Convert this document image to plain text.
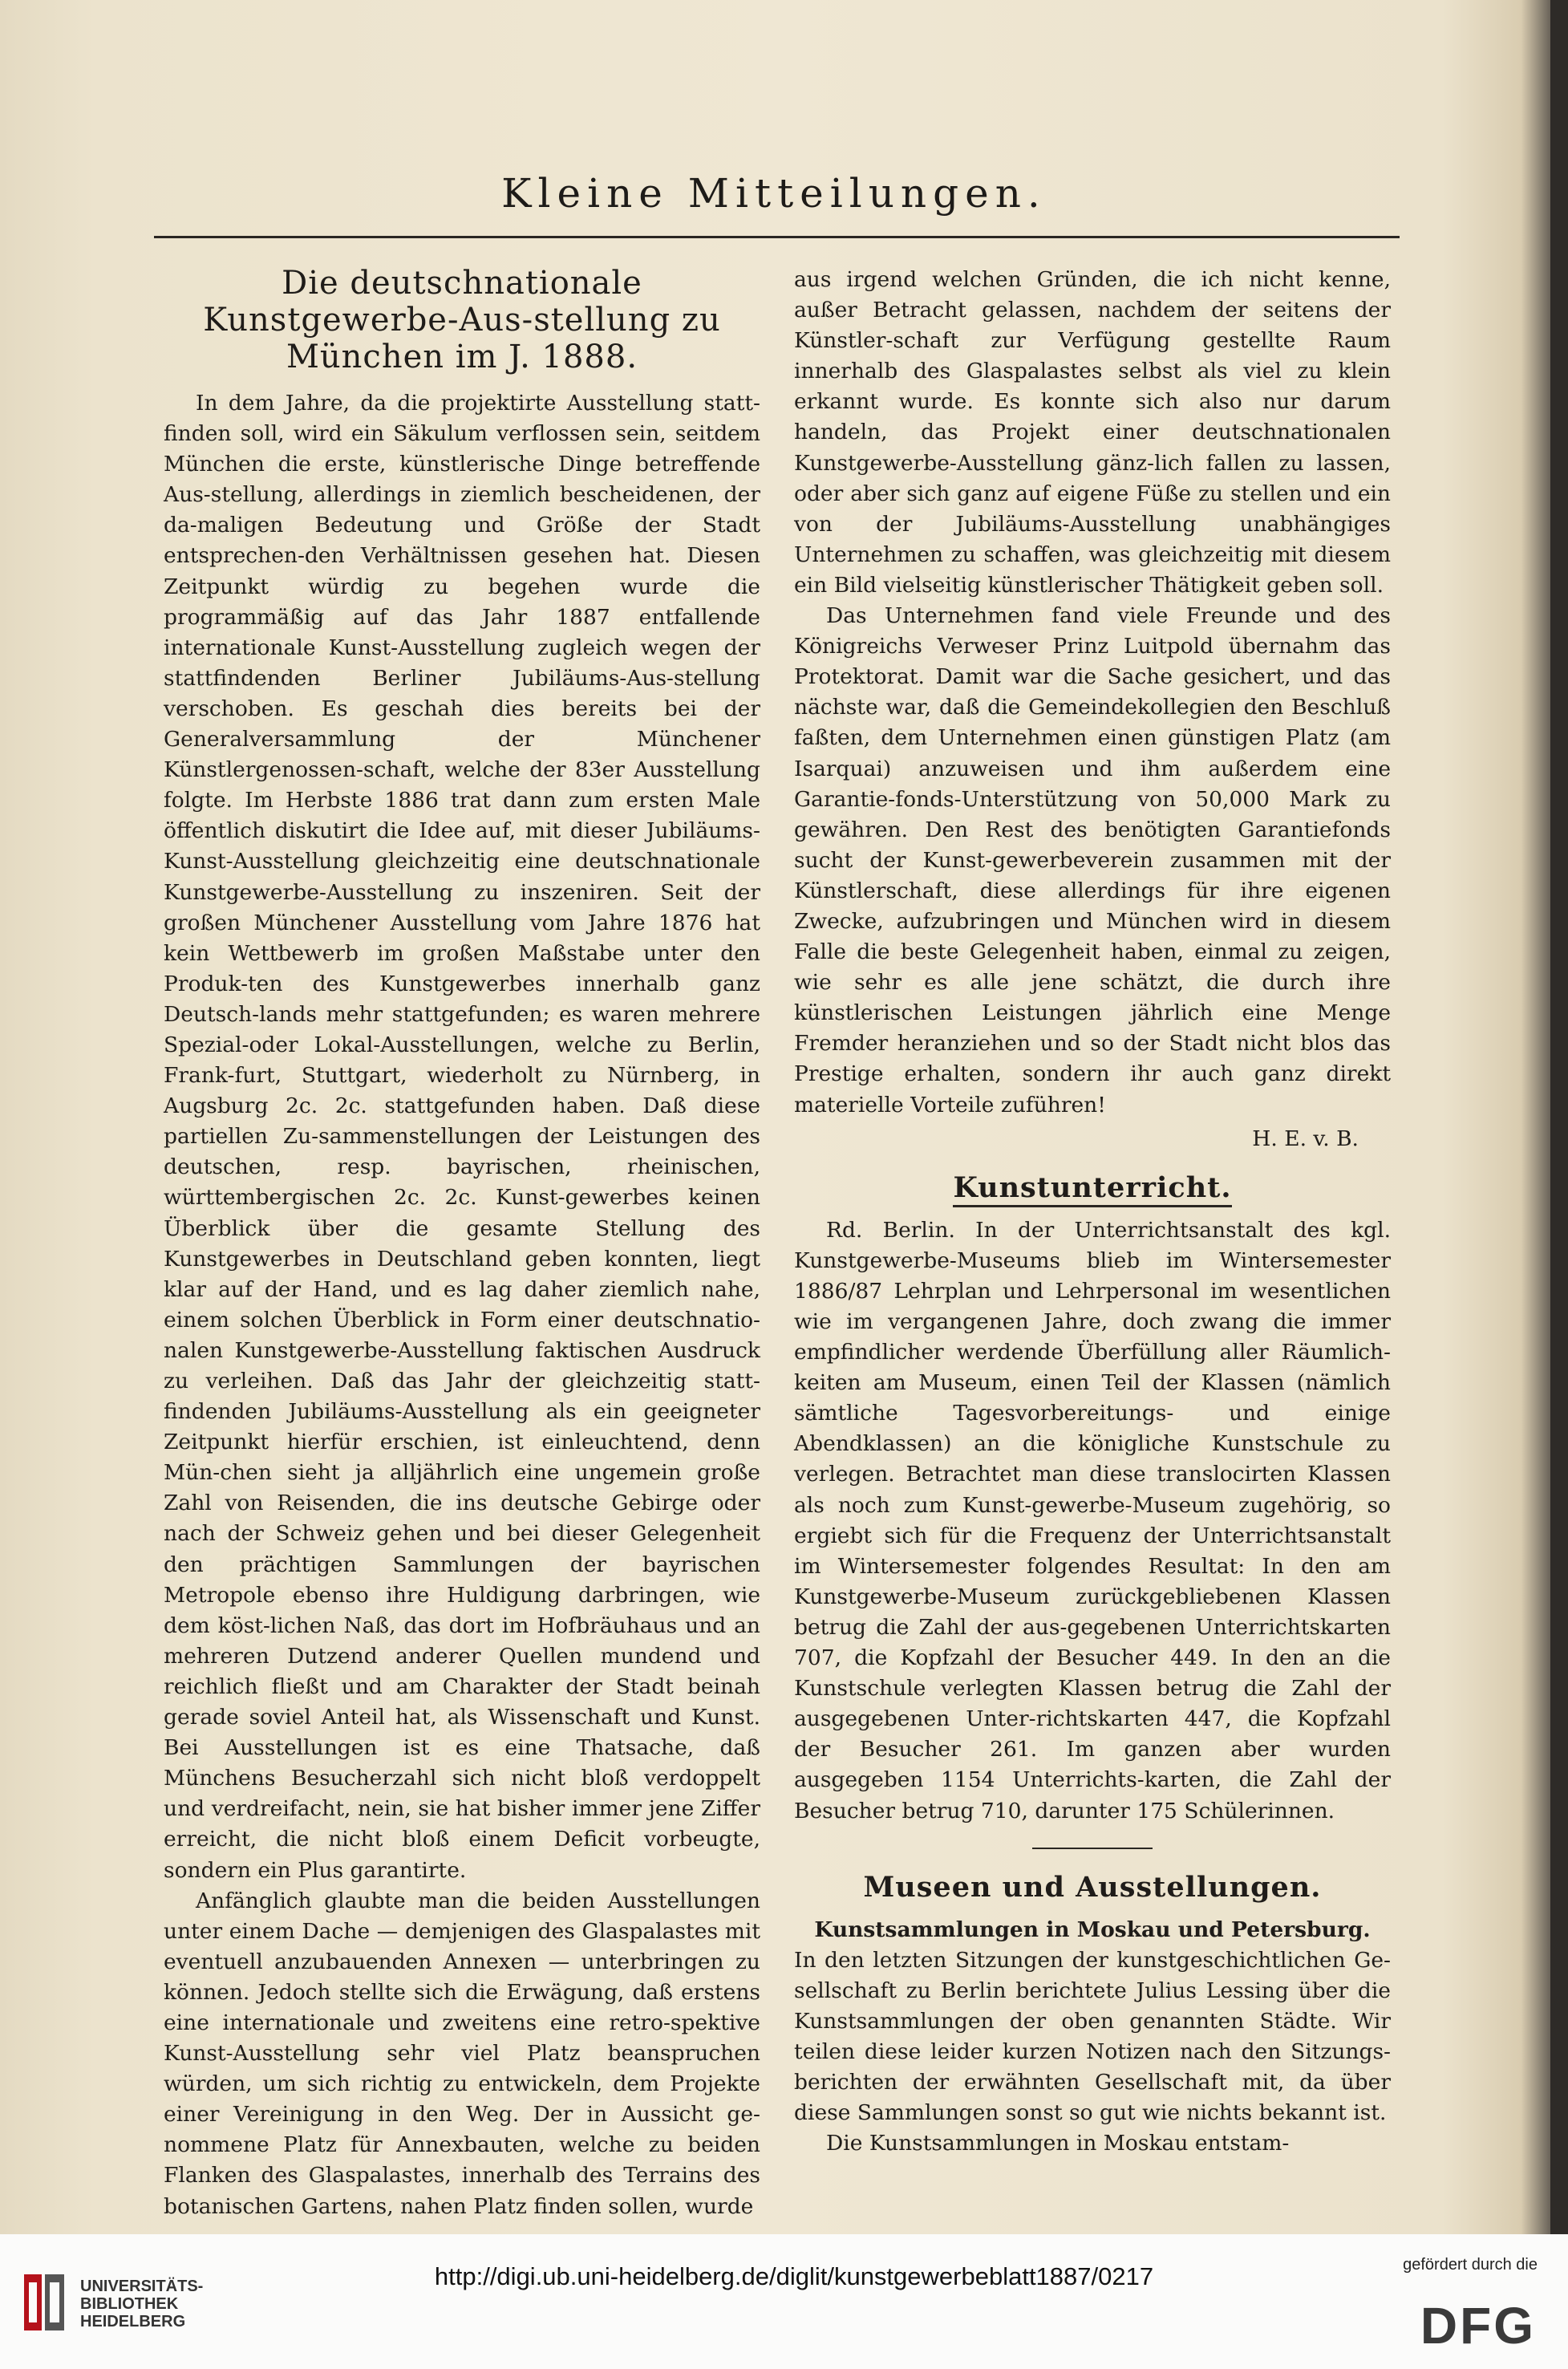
Kleine Mitteilungen.
Die deutschnationale Kunstgewerbe-Aus-stellung zu München im J. 1888.

In dem Jahre, da die projektirte Ausstellung statt-finden soll, wird ein Säkulum verflossen sein, seitdem München die erste, künstlerische Dinge betreffende Aus-stellung, allerdings in ziemlich bescheidenen, der da-maligen Bedeutung und Größe der Stadt entsprechen-den Verhältnissen gesehen hat. Diesen Zeitpunkt würdig zu begehen wurde die programmäßig auf das Jahr 1887 entfallende internationale Kunst-Ausstellung zugleich wegen der stattfindenden Berliner Jubiläums-Aus-stellung verschoben. Es geschah dies bereits bei der Generalversammlung der Münchener Künstlergenossen-schaft, welche der 83er Ausstellung folgte. Im Herbste 1886 trat dann zum ersten Male öffentlich diskutirt die Idee auf, mit dieser Jubiläums-Kunst-Ausstellung gleichzeitig eine deutschnationale Kunstgewerbe-Ausstellung zu inszeniren. Seit der großen Münchener Ausstellung vom Jahre 1876 hat kein Wettbewerb im großen Maßstabe unter den Produk-ten des Kunstgewerbes innerhalb ganz Deutsch-lands mehr stattgefunden; es waren mehrere Spezial-oder Lokal-Ausstellungen, welche zu Berlin, Frank-furt, Stuttgart, wiederholt zu Nürnberg, in Augsburg 2c. 2c. stattgefunden haben. Daß diese partiellen Zu-sammenstellungen der Leistungen des deutschen, resp. bayrischen, rheinischen, württembergischen 2c. 2c. Kunst-gewerbes keinen Überblick über die gesamte Stellung des Kunstgewerbes in Deutschland geben konnten, liegt klar auf der Hand, und es lag daher ziemlich nahe, einem solchen Überblick in Form einer deutschnatio-nalen Kunstgewerbe-Ausstellung faktischen Ausdruck zu verleihen. Daß das Jahr der gleichzeitig statt-findenden Jubiläums-Ausstellung als ein geeigneter Zeitpunkt hierfür erschien, ist einleuchtend, denn Mün-chen sieht ja alljährlich eine ungemein große Zahl von Reisenden, die ins deutsche Gebirge oder nach der Schweiz gehen und bei dieser Gelegenheit den prächtigen Sammlungen der bayrischen Metropole ebenso ihre Huldigung darbringen, wie dem köst-lichen Naß, das dort im Hofbräuhaus und an mehreren Dutzend anderer Quellen mundend und reichlich fließt und am Charakter der Stadt beinah gerade soviel Anteil hat, als Wissenschaft und Kunst. Bei Ausstellungen ist es eine Thatsache, daß Münchens Besucherzahl sich nicht bloß verdoppelt und verdreifacht, nein, sie hat bisher immer jene Ziffer erreicht, die nicht bloß einem Deficit vorbeugte, sondern ein Plus garantirte.

Anfänglich glaubte man die beiden Ausstellungen unter einem Dache — demjenigen des Glaspalastes mit eventuell anzubauenden Annexen — unterbringen zu können. Jedoch stellte sich die Erwägung, daß erstens eine internationale und zweitens eine retro-spektive Kunst-Ausstellung sehr viel Platz beanspruchen würden, um sich richtig zu entwickeln, dem Projekte einer Vereinigung in den Weg. Der in Aussicht ge-nommene Platz für Annexbauten, welche zu beiden Flanken des Glaspalastes, innerhalb des Terrains des botanischen Gartens, nahen Platz finden sollen, wurde

aus irgend welchen Gründen, die ich nicht kenne, außer Betracht gelassen, nachdem der seitens der Künstler-schaft zur Verfügung gestellte Raum innerhalb des Glaspalastes selbst als viel zu klein erkannt wurde. Es konnte sich also nur darum handeln, das Projekt einer deutschnationalen Kunstgewerbe-Ausstellung gänz-lich fallen zu lassen, oder aber sich ganz auf eigene Füße zu stellen und ein von der Jubiläums-Ausstellung unabhängiges Unternehmen zu schaffen, was gleichzeitig mit diesem ein Bild vielseitig künstlerischer Thätigkeit geben soll.

Das Unternehmen fand viele Freunde und des Königreichs Verweser Prinz Luitpold übernahm das Protektorat. Damit war die Sache gesichert, und das nächste war, daß die Gemeindekollegien den Beschluß faßten, dem Unternehmen einen günstigen Platz (am Isarquai) anzuweisen und ihm außerdem eine Garantie-fonds-Unterstützung von 50,000 Mark zu gewähren. Den Rest des benötigten Garantiefonds sucht der Kunst-gewerbeverein zusammen mit der Künstlerschaft, diese allerdings für ihre eigenen Zwecke, aufzubringen und München wird in diesem Falle die beste Gelegenheit haben, einmal zu zeigen, wie sehr es alle jene schätzt, die durch ihre künstlerischen Leistungen jährlich eine Menge Fremder heranziehen und so der Stadt nicht blos das Prestige erhalten, sondern ihr auch ganz direkt materielle Vorteile zuführen!

H. E. v. B.
Kunstunterricht.

Rd. Berlin. In der Unterrichtsanstalt des kgl. Kunstgewerbe-Museums blieb im Wintersemester 1886/87 Lehrplan und Lehrpersonal im wesentlichen wie im vergangenen Jahre, doch zwang die immer empfindlicher werdende Überfüllung aller Räumlich-keiten am Museum, einen Teil der Klassen (nämlich sämtliche Tagesvorbereitungs- und einige Abendklassen) an die königliche Kunstschule zu verlegen. Betrachtet man diese translocirten Klassen als noch zum Kunst-gewerbe-Museum zugehörig, so ergiebt sich für die Frequenz der Unterrichtsanstalt im Wintersemester folgendes Resultat: In den am Kunstgewerbe-Museum zurückgebliebenen Klassen betrug die Zahl der aus-gegebenen Unterrichtskarten 707, die Kopfzahl der Besucher 449. In den an die Kunstschule verlegten Klassen betrug die Zahl der ausgegebenen Unter-richtskarten 447, die Kopfzahl der Besucher 261. Im ganzen aber wurden ausgegeben 1154 Unterrichts-karten, die Zahl der Besucher betrug 710, darunter 175 Schülerinnen.

Museen und Ausstellungen.
Kunstsammlungen in Moskau und Petersburg.

In den letzten Sitzungen der kunstgeschichtlichen Ge-sellschaft zu Berlin berichtete Julius Lessing über die Kunstsammlungen der oben genannten Städte. Wir teilen diese leider kurzen Notizen nach den Sitzungs-berichten der erwähnten Gesellschaft mit, da über diese Sammlungen sonst so gut wie nichts bekannt ist.

Die Kunstsammlungen in Moskau entstam-

UNIVERSITÄTS-
BIBLIOTHEK
HEIDELBERG
http://digi.ub.uni-heidelberg.de/diglit/kunstgewerbeblatt1887/0217	gefördert durch die
DFG
